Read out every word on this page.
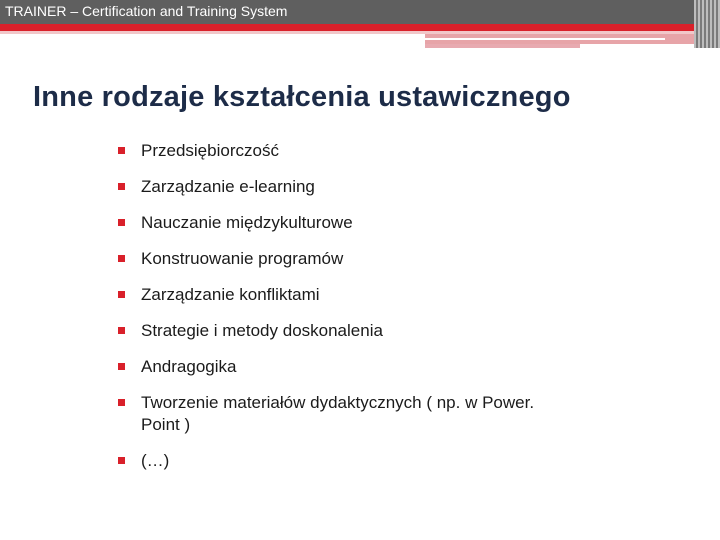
TRAINER – Certification and Training System
Inne rodzaje kształcenia ustawicznego
Przedsiębiorczość
Zarządzanie e-learning
Nauczanie międzykulturowe
Konstruowanie programów
Zarządzanie konfliktami
Strategie i metody doskonalenia
Andragogika
Tworzenie materiałów dydaktycznych ( np. w Power. Point )
(…)
